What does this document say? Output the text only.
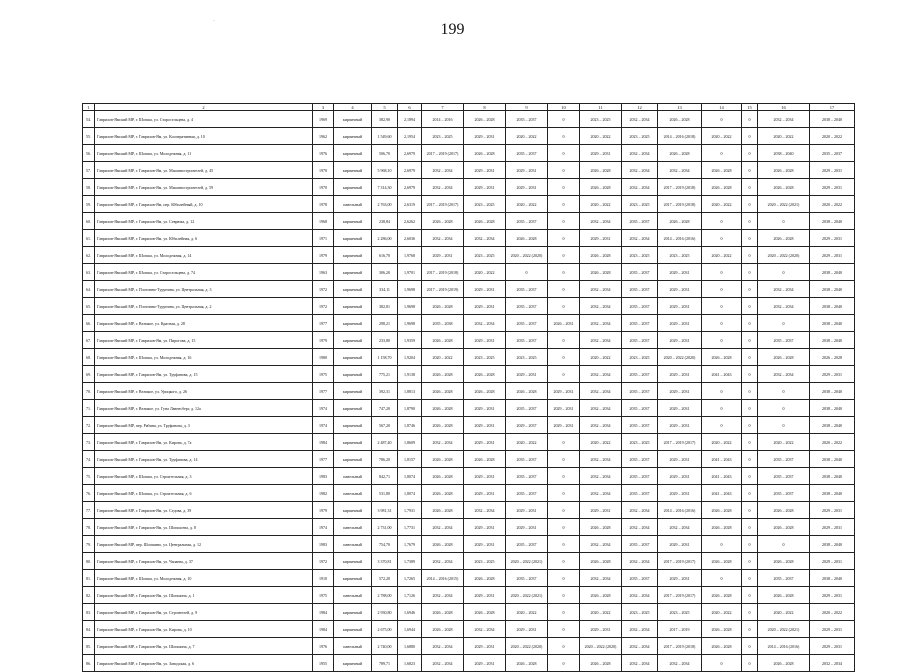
199
-
1	2	3	4	5	6	7	8	9	10	11	12	13	14	15	16	17
54.	Гаврилов-Ямский МР, г. Шопша, ул. Старосельцева, д. 4	1969	кирпичный	382,90	2,1894	2014 – 2016	2026 – 2028	2035 – 2037	0	2023 – 2025	2032 – 2034	2026 – 2028	0	0	2032 – 2034	2038 – 2040
55.	Гаврилов-Ямский МР, г. Гаврилов-Ям, ул. Кооперативная, д. 10	1962	кирпичный	1 549,60	2,1954	2023 – 2025	2029 – 2031	2020 – 2022	0	2020 – 2022	2023 – 2025	2014 – 2016 (2018)	2020 – 2022	0	2020 – 2022	2020 – 2022
56.	Гаврилов-Ямский МР, г. Шопша, ул. Молодежная, д. 11	1976	кирпичный	506,70	2,6979	2017 – 2019 (2017)	2026 – 2028	2035 – 2037	0	2029 – 2031	2032 – 2034	2026 – 2028	0	0	2038 – 2040	2035 – 2037
57.	Гаврилов-Ямский МР, г. Гаврилов-Ям, ул. Машиностроителей, д. 45	1970	кирпичный	5 968,10	2,6979	2032 – 2034	2029 – 2031	2029 – 2031	0	2026 – 2028	2032 – 2034	2032 – 2034	2026 – 2028	0	2026 – 2028	2029 – 2031
58.	Гаврилов-Ямский МР, г. Гаврилов-Ям, ул. Машиностроителей, д. 59	1970	кирпичный	7 314,30	2,6979	2032 – 2034	2029 – 2031	2029 – 2031	0	2026 – 2028	2032 – 2034	2017 – 2019 (2018)	2026 – 2028	0	2026 – 2028	2029 – 2031
59.	Гаврилов-Ямский МР, г. Гаврилов-Ям, пер. Юбилейный, д. 10	1978	панельный	2 763,00	2,6319	2017 – 2019 (2017)	2023 – 2025	2020 – 2022	0	2020 – 2022	2023 – 2025	2017 – 2019 (2018)	2020 – 2022	0	2020 – 2022 (2021)	2020 – 2022
60.	Гаврилов-Ямский МР, г. Гаврилов-Ям, ул. Севрюка, д. 12	1968	кирпичный	238,84	2,6262	2026 – 2028	2026 – 2028	2035 – 2037	0	2032 – 2034	2035 – 2037	2026 – 2028	0	0	0	2038 – 2040
61.	Гаврилов-Ямский МР, г. Гаврилов-Ям, ул. Юбилейная, д. 6	1971	кирпичный	2 286,00	2,6036	2032 – 2034	2032 – 2034	2026 – 2028	0	2029 – 2031	2032 – 2034	2014 – 2016 (2016)	0	0	2026 – 2028	2029 – 2031
62.	Гаврилов-Ямский МР, г. Шопша, ул. Молодежная, д. 14	1979	кирпичный	616,70	1,9768	2029 – 2031	2023 – 2025	2020 – 2022 (2020)	0	2026 – 2028	2023 – 2025	2023 – 2025	2020 – 2022	0	2020 – 2022 (2020)	2029 – 2031
63.	Гаврилов-Ямский МР, г. Шопша, ул. Старосельцева, д. 74	1963	кирпичный	306,20	1,9701	2017 – 2019 (2018)	2020 – 2022	0	0	2026 – 2028	2035 – 2037	2029 – 2031	0	0	0	2038 – 2040
64.	Гаврилов-Ямский МР, г. Плотинно-Турунина, ул. Центральная, д. 3	1972	кирпичный	334,11	1,9698	2017 – 2019 (2019)	2029 – 2031	2035 – 2037	0	2032 – 2034	2035 – 2037	2029 – 2031	0	0	2032 – 2034	2038 – 2040
65.	Гаврилов-Ямский МР, г. Плотинно-Турунина, ул. Центральная, д. 2	1972	кирпичный	382,81	1,9698	2026 – 2028	2029 – 2031	2035 – 2037	0	2032 – 2034	2035 – 2037	2029 – 2031	0	0	2032 – 2034	2038 – 2040
66.	Гаврилов-Ямский МР, г. Великое, ул. Красная, д. 28	1977	кирпичный	298,21	1,9698	2035 – 2038	2032 – 2034	2035 – 2037	2026 – 2031	2032 – 2034	2035 – 2037	2029 – 2031	0	0	0	2038 – 2040
67.	Гаврилов-Ямский МР, г. Гаврилов-Ям, ул. Пирогова, д. 15	1979	кирпичный	233,80	1,9359	2026 – 2028	2029 – 2031	2035 – 2037	0	2032 – 2034	2035 – 2037	2029 – 2031	0	0	2035 – 2037	2038 – 2040
68.	Гаврилов-Ямский МР, г. Шопша, ул. Молодежная, д. 16	1980	кирпичный	1 158,70	1,9204	2020 – 2022	2023 – 2025	2023 – 2025	0	2020 – 2022	2023 – 2025	2020 – 2022 (2020)	2026 – 2028	0	2026 – 2028	2026 – 2028
69.	Гаврилов-Ямский МР, г. Гаврилов-Ям, ул. Труфанова, д. 15	1975	кирпичный	775,21	1,9138	2026 – 2028	2026 – 2028	2029 – 2031	0	2032 – 2034	2035 – 2037	2029 – 2031	2041 – 2043	0	2032 – 2034	2029 – 2031
70.	Гаврилов-Ямский МР, г. Великое, ул. Урицкого, д. 26	1977	кирпичный	392,31	1,8813	2026 – 2028	2026 – 2028	2026 – 2028	2029 – 2031	2032 – 2034	2035 – 2037	2029 – 2031	0	0	0	2038 – 2040
71.	Гаврилов-Ямский МР, г. Великое, ул. Гуна Лавенсберг, д. 12а	1974	кирпичный	747,20	1,8790	2026 – 2028	2029 – 2031	2035 – 2037	2029 – 2031	2032 – 2034	2035 – 2037	2029 – 2031	0	0	0	2038 – 2040
72.	Гаврилов-Ямский МР, пер. Рябина, ул. Труфанова, д. 3	1974	кирпичный	567,20	1,8746	2026 – 2028	2029 – 2031	2029 – 2037	2029 – 2031	2032 – 2034	2035 – 2037	2029 – 2031	0	0	0	2038 – 2040
73.	Гаврилов-Ямский МР, г. Гаврилов-Ям, ул. Кирова, д. 7а	1984	кирпичный	2 487,40	1,8609	2032 – 2034	2029 – 2031	2020 – 2022	0	2020 – 2022	2023 – 2025	2017 – 2019 (2017)	2020 – 2022	0	2020 – 2022	2020 – 2022
74.	Гаврилов-Ямский МР, г. Гаврилов-Ям, ул. Труфанова, д. 14	1977	кирпичный	786,20	1,8157	2026 – 2028	2026 – 2028	2035 – 2037	0	2032 – 2034	2035 – 2037	2029 – 2031	2041 – 2043	0	2035 – 2037	2038 – 2040
75.	Гаврилов-Ямский МР, г. Шопша, ул. Строительная, д. 3	1983	панельный	842,71	1,8074	2026 – 2028	2029 – 2031	2035 – 2037	0	2032 – 2034	2035 – 2037	2029 – 2031	2041 – 2043	0	2035 – 2037	2038 – 2040
76.	Гаврилов-Ямский МР, г. Шопша, ул. Строительная, д. 6	1982	панельный	531,80	1,8074	2026 – 2028	2029 – 2031	2035 – 2037	0	2032 – 2034	2035 – 2037	2029 – 2031	2041 – 2043	0	2035 – 2037	2038 – 2040
77.	Гаврилов-Ямский МР, г. Гаврилов-Ям, ул. Седова, д. 39	1979	кирпичный	3 981,31	1,7931	2026 – 2028	2032 – 2034	2029 – 2031	0	2029 – 2031	2032 – 2034	2014 – 2016 (2016)	2026 – 2028	0	2026 – 2028	2029 – 2031
78.	Гаврилов-Ямский МР, г. Гаврилов-Ям, ул. Шопшоева, д. 8	1974	панельный	2 731,00	1,7731	2032 – 2034	2029 – 2031	2029 – 2031	0	2026 – 2028	2032 – 2034	2032 – 2034	2026 – 2028	0	2026 – 2028	2029 – 2031
79.	Гаврилов-Ямский МР, пер. Шопшино, ул. Центральная, д. 12	1983	панельный	754,70	1,7679	2026 – 2028	2029 – 2031	2035 – 2037	0	2032 – 2034	2035 – 2037	2029 – 2031	0	0	0	2038 – 2040
80.	Гаврилов-Ямский МР, г. Гаврилов-Ям, ул. Чапаева, д. 37	1972	кирпичный	3 370,81	1,7389	2032 – 2034	2023 – 2025	2020 – 2022 (2021)	0	2026 – 2028	2032 – 2034	2017 – 2019 (2017)	2026 – 2028	0	2026 – 2028	2029 – 2031
81.	Гаврилов-Ямский МР, г. Шопша, ул. Молодежная, д. 10	1910	кирпичный	572,20	1,7265	2014 – 2016 (2015)	2026 – 2028	2035 – 2037	0	2032 – 2034	2035 – 2037	2029 – 2031	0	0	2035 – 2037	2038 – 2040
82.	Гаврилов-Ямский МР, г. Гаврилов-Ям, ул. Шопшина, д. 1	1975	панельный	2 788,00	1,7126	2032 – 2034	2029 – 2031	2020 – 2022 (2021)	0	2026 – 2028	2032 – 2034	2017 – 2019 (2017)	2026 – 2028	0	2026 – 2028	2029 – 2031
83.	Гаврилов-Ямский МР, г. Гаврилов-Ям, ул. Строителей, д. 9	1984	кирпичный	2 930,80	1,6946	2026 – 2028	2026 – 2028	2020 – 2022	0	2020 – 2022	2023 – 2025	2023 – 2025	2020 – 2022	0	2020 – 2022	2020 – 2022
84.	Гаврилов-Ямский МР, г. Гаврилов-Ям, ул. Кирова, д. 10	1984	кирпичный	2 675,00	1,6944	2026 – 2028	2032 – 2034	2029 – 2031	0	2029 – 2031	2032 – 2034	2017 – 2019	2026 – 2028	0	2020 – 2022 (2021)	2029 – 2031
85.	Гаврилов-Ямский МР, г. Гаврилов-Ям, ул. Шопшина, д. 7	1976	панельный	2 740,00	1,6880	2032 – 2034	2029 – 2031	2020 – 2022 (2020)	0	2020 – 2022 (2020)	2032 – 2034	2017 – 2019 (2018)	2026 – 2028	0	2014 – 2016 (2016)	2029 – 2031
86.	Гаврилов-Ямский МР, г. Гаврилов-Ям, ул. Заводская, д. 6	1955	кирпичный	789,71	1,6823	2032 – 2034	2029 – 2031	2026 – 2028	0	2026 – 2028	2032 – 2034	2032 – 2034	0	0	2026 – 2028	2032 – 2034
